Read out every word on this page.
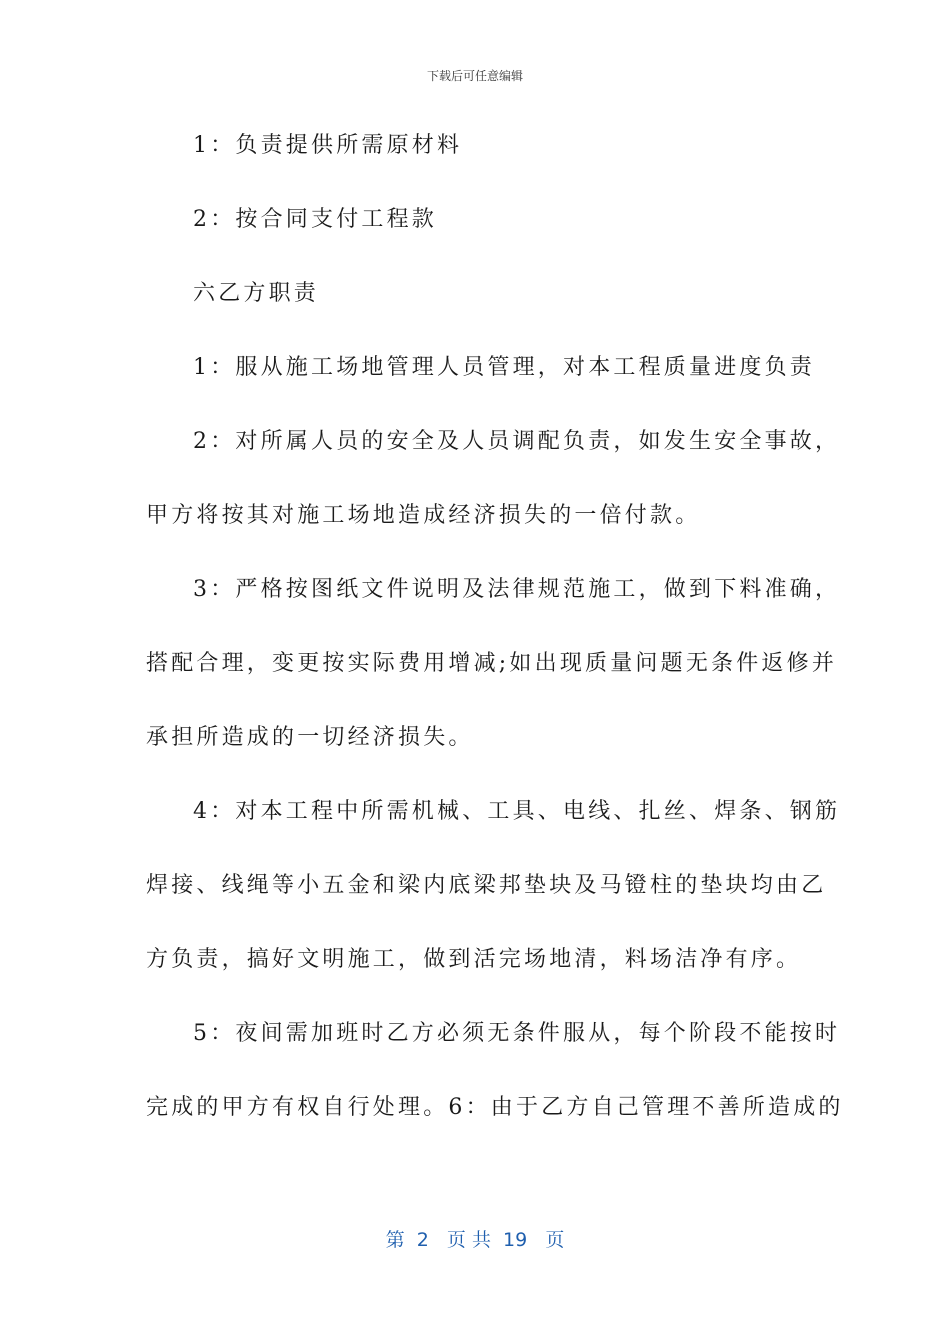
下载后可任意编辑
1：负责提供所需原材料
2：按合同支付工程款
六乙方职责
1：服从施工场地管理人员管理，对本工程质量进度负责
2：对所属人员的安全及人员调配负责，如发生安全事故，
甲方将按其对施工场地造成经济损失的一倍付款。
3：严格按图纸文件说明及法律规范施工，做到下料准确，
搭配合理，变更按实际费用增减;如出现质量问题无条件返修并
承担所造成的一切经济损失。
4：对本工程中所需机械、工具、电线、扎丝、焊条、钢筋
焊接、线绳等小五金和梁内底梁邦垫块及马镫柱的垫块均由乙
方负责，搞好文明施工，做到活完场地清，料场洁净有序。
5：夜间需加班时乙方必须无条件服从，每个阶段不能按时
完成的甲方有权自行处理。6：由于乙方自己管理不善所造成的
第  2   页 共  19   页
